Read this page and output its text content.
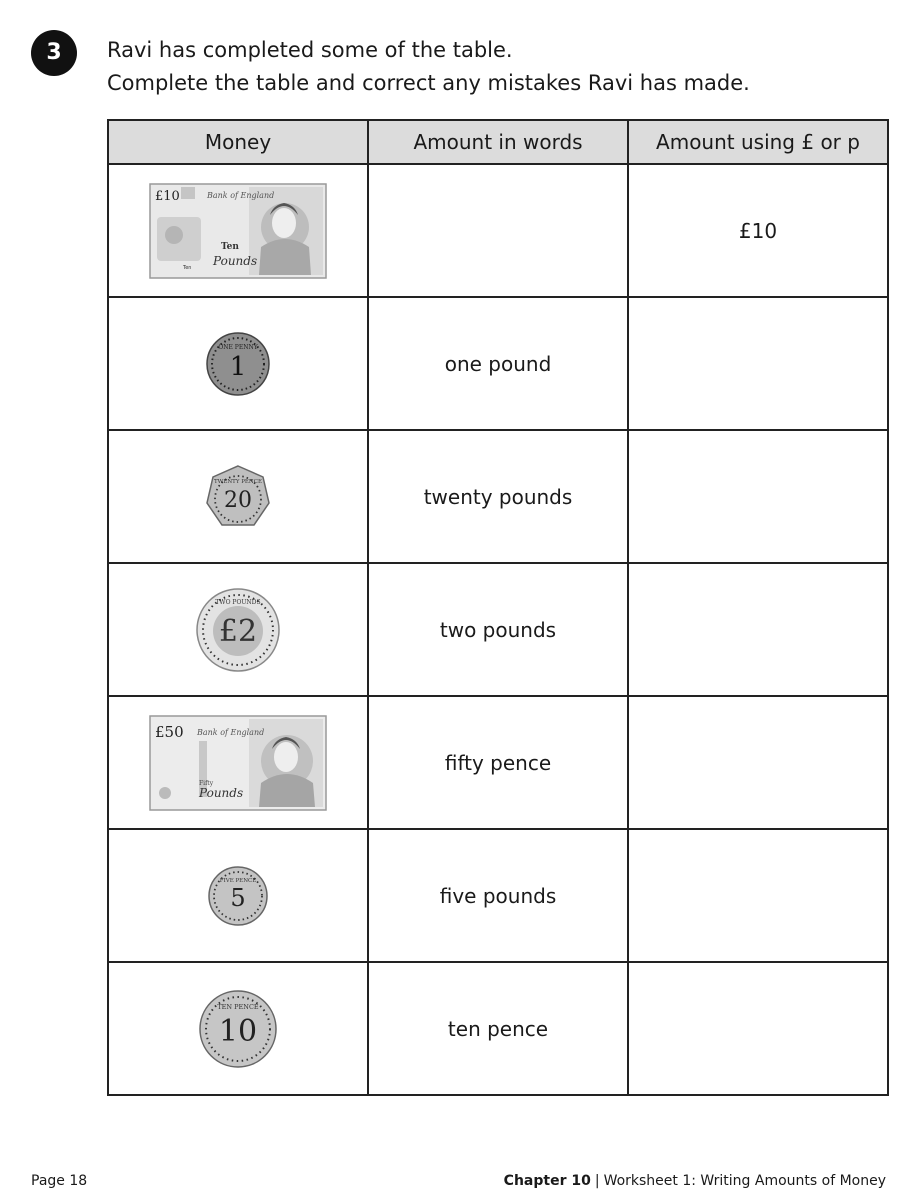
3	Ravi has completed some of the table.
Complete the table and correct any mistakes Ravi has made.
Money	Amount in words	Amount using £ or p

£10 Bank of England
Ten
Pounds
Ten		£10

ONE PENNY
1	one pound	

TWENTY PENCE
20	twenty pounds	

TWO POUNDS
£2	two pounds	

£50 Bank of England
Fifty
Pounds	fifty pence	

FIVE PENCE
5	five pounds	

TEN PENCE
10	ten pence	
Page 18	Chapter 10 | Worksheet 1: Writing Amounts of Money
